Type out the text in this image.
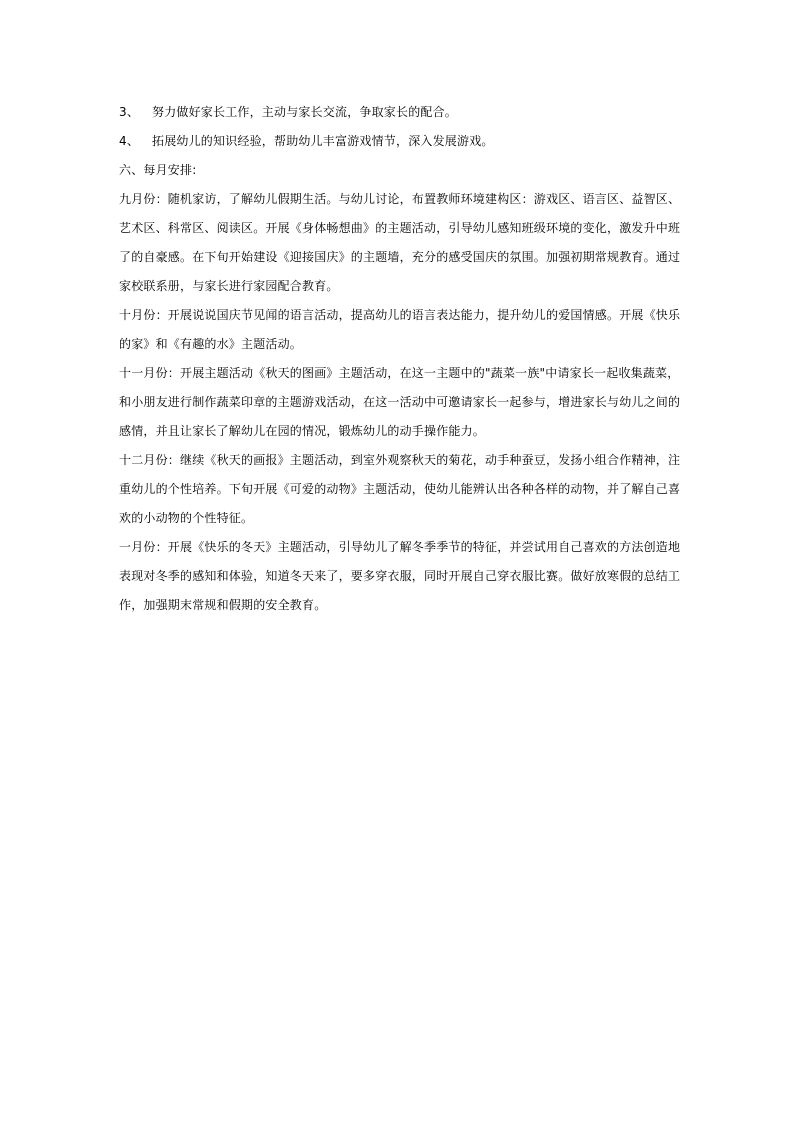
3、 努力做好家长工作，主动与家长交流，争取家长的配合。

4、 拓展幼儿的知识经验，帮助幼儿丰富游戏情节，深入发展游戏。

六、每月安排:

九月份：随机家访，了解幼儿假期生活。与幼儿讨论，布置教师环境建构区：游戏区、语言区、益智区、

艺术区、科常区、阅读区。开展《身体畅想曲》的主题活动，引导幼儿感知班级环境的变化，激发升中班

了的自豪感。在下旬开始建设《迎接国庆》的主题墙，充分的感受国庆的氛围。加强初期常规教育。通过

家校联系册，与家长进行家园配合教育。

十月份：开展说说国庆节见闻的语言活动，提高幼儿的语言表达能力，提升幼儿的爱国情感。开展《快乐

的家》和《有趣的水》主题活动。

十一月份：开展主题活动《秋天的图画》主题活动，在这一主题中的"蔬菜一族"中请家长一起收集蔬菜，

和小朋友进行制作蔬菜印章的主题游戏活动，在这一活动中可邀请家长一起参与，增进家长与幼儿之间的

感情，并且让家长了解幼儿在园的情况，锻炼幼儿的动手操作能力。

十二月份：继续《秋天的画报》主题活动，到室外观察秋天的菊花，动手种蚕豆，发扬小组合作精神，注

重幼儿的个性培养。下旬开展《可爱的动物》主题活动，使幼儿能辨认出各种各样的动物，并了解自己喜

欢的小动物的个性特征。

一月份：开展《快乐的冬天》主题活动，引导幼儿了解冬季季节的特征，并尝试用自己喜欢的方法创造地

表现对冬季的感知和体验，知道冬天来了，要多穿衣服，同时开展自己穿衣服比赛。做好放寒假的总结工

作，加强期末常规和假期的安全教育。
